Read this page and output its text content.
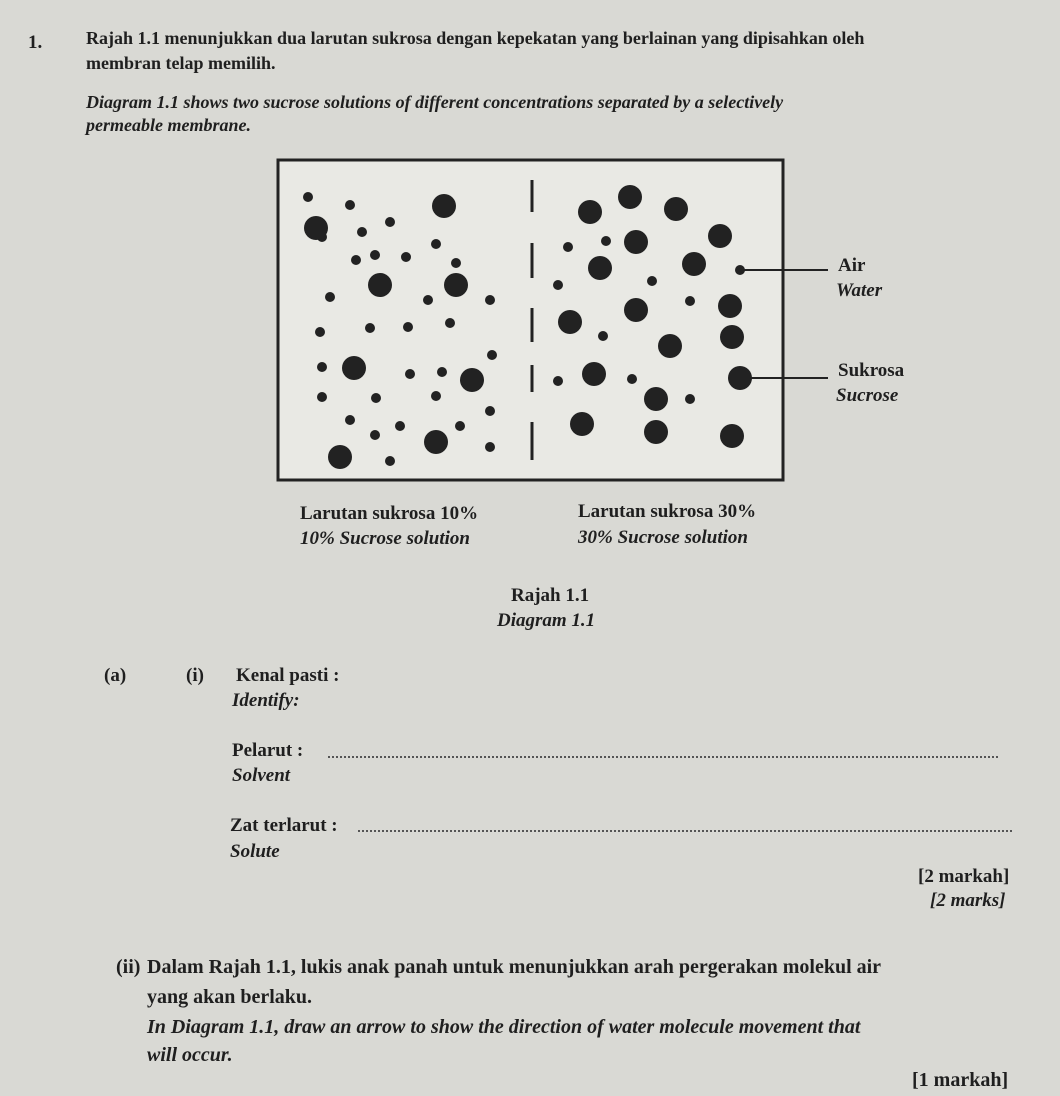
1. Rajah 1.1 menunjukkan dua larutan sukrosa dengan kepekatan yang berlainan yang dipisahkan oleh
membran telap memilih.
Diagram 1.1 shows two sucrose solutions of different concentrations separated by a selectively
permeable membrane.
Air
Water
Sukrosa
Sucrose
Larutan sukrosa 10%
10% Sucrose solution
Larutan sukrosa 30%
30% Sucrose solution
Rajah 1.1
Diagram 1.1
(a)	(i) Kenal pasti :
Identify:
Pelarut :
Solvent
Zat terlarut :
Solute
[2 markah]
[2 marks]
(ii) Dalam Rajah 1.1, lukis anak panah untuk menunjukkan arah pergerakan molekul air
yang akan berlaku.
In Diagram 1.1, draw an arrow to show the direction of water molecule movement that
will occur.
[1 markah]
